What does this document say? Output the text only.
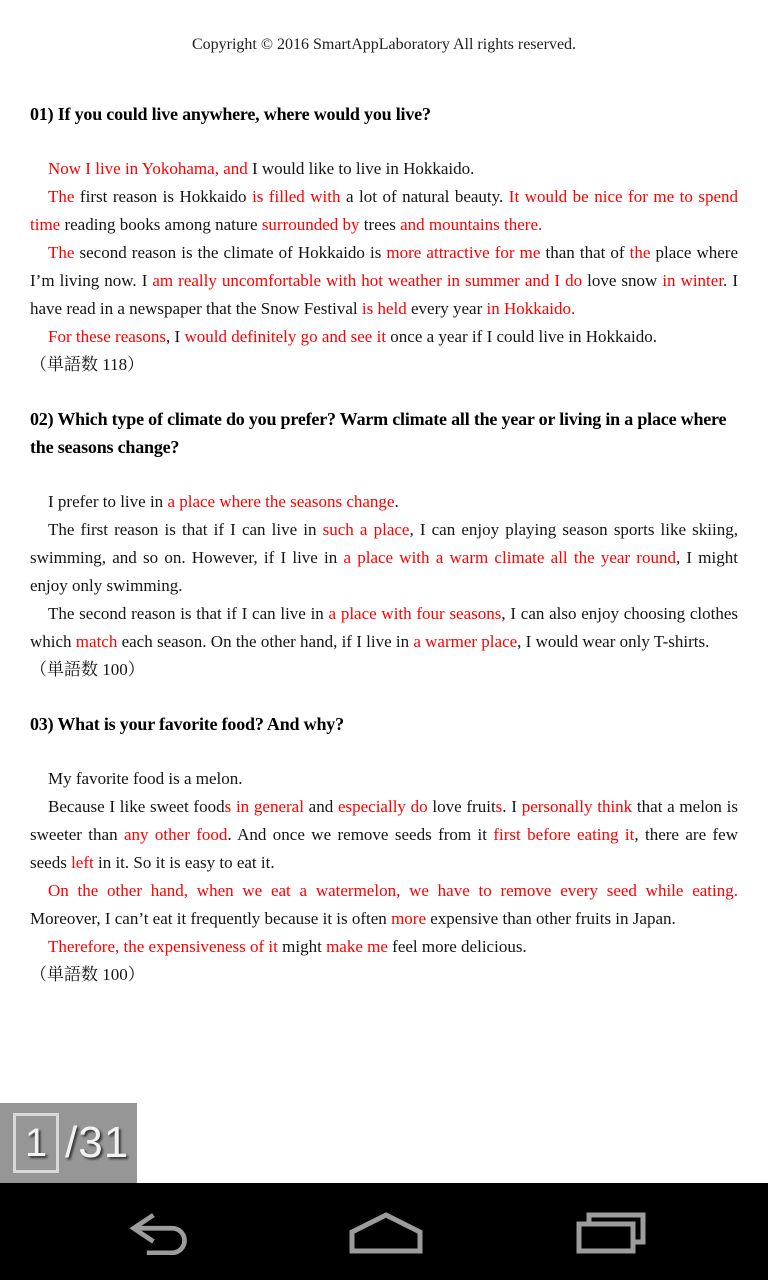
Copyright © 2016 SmartAppLaboratory All rights reserved.
01) If you could live anywhere, where would you live?

Now I live in Yokohama, and I would like to live in Hokkaido.

The first reason is Hokkaido is filled with a lot of natural beauty. It would be nice for me to spend time reading books among nature surrounded by trees and mountains there.

The second reason is the climate of Hokkaido is more attractive for me than that of the place where I’m living now. I am really uncomfortable with hot weather in summer and I do love snow in winter. I have read in a newspaper that the Snow Festival is held every year in Hokkaido.

For these reasons, I would definitely go and see it once a year if I could live in Hokkaido.

（単語数 118）
02) Which type of climate do you prefer? Warm climate all the year or living in a place where the seasons change?

I prefer to live in a place where the seasons change.

The first reason is that if I can live in such a place, I can enjoy playing season sports like skiing, swimming, and so on. However, if I live in a place with a warm climate all the year round, I might enjoy only swimming.

The second reason is that if I can live in a place with four seasons, I can also enjoy choosing clothes which match each season. On the other hand, if I live in a warmer place, I would wear only T-shirts.

（単語数 100）
03) What is your favorite food? And why?

My favorite food is a melon.

Because I like sweet foods in general and especially do love fruits. I personally think that a melon is sweeter than any other food. And once we remove seeds from it first before eating it, there are few seeds left in it. So it is easy to eat it.

On the other hand, when we eat a watermelon, we have to remove every seed while eating. Moreover, I can’t eat it frequently because it is often more expensive than other fruits in Japan.

Therefore, the expensiveness of it might make me feel more delicious.

（単語数 100）
1 /31
